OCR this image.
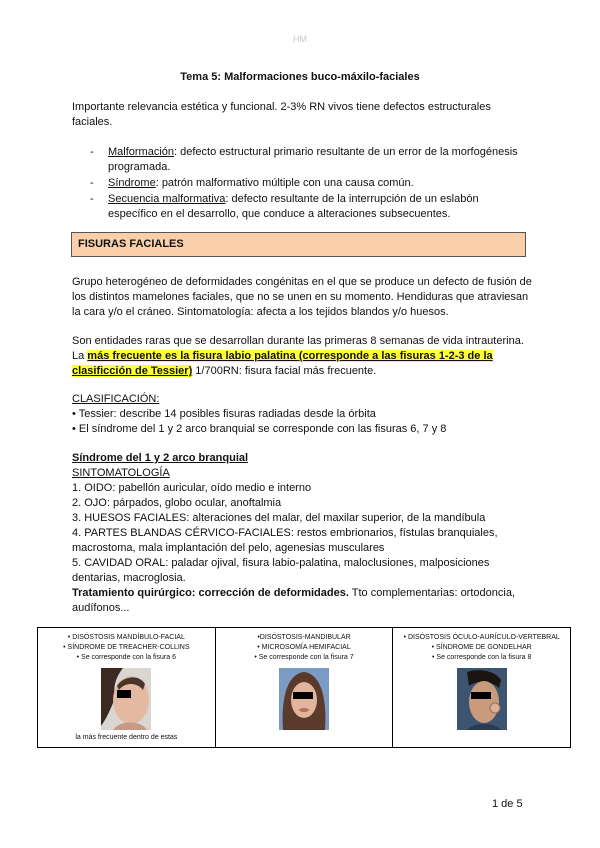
HM
Tema 5: Malformaciones buco-máxilo-faciales
Importante relevancia estética y funcional. 2-3% RN vivos tiene defectos estructurales faciales.
- Malformación: defecto estructural primario resultante de un error de la morfogénesis programada.
- Síndrome: patrón malformativo múltiple con una causa común.
- Secuencia malformativa: defecto resultante de la interrupción de un eslabón específico en el desarrollo, que conduce a alteraciones subsecuentes.
FISURAS FACIALES
Grupo heterogéneo de deformidades congénitas en el que se produce un defecto de fusión de los distintos mamelones faciales, que no se unen en su momento. Hendiduras que atraviesan la cara y/o el cráneo. Sintomatología: afecta a los tejidos blandos y/o huesos.
Son entidades raras que se desarrollan durante las primeras 8 semanas de vida intrauterina. La más frecuente es la fisura labio palatina (corresponde a las fisuras 1-2-3 de la clasificción de Tessier) 1/700RN: fisura facial más frecuente.
CLASIFICACIÓN:
• Tessier: describe 14 posibles fisuras radiadas desde la órbita
• El síndrome del 1 y 2 arco branquial se corresponde con las fisuras 6, 7 y 8
Síndrome del 1 y 2 arco branquial
SINTOMATOLOGÍA
1. OIDO: pabellón auricular, oído medio e interno
2. OJO: párpados, globo ocular, anoftalmia
3. HUESOS FACIALES: alteraciones del malar, del maxilar superior, de la mandíbula
4. PARTES BLANDAS CÉRVICO-FACIALES: restos embrionarios, fístulas branquiales, macrostoma, mala implantación del pelo, agenesias musculares
5. CAVIDAD ORAL: paladar ojival, fisura labio-palatina, maloclusiones, malposiciones dentarias, macroglosia.
Tratamiento quirúrgico: corrección de deformidades. Tto complementarias: ortodoncia, audífonos...
• DISÓSTOSIS MANDÍBULO-FACIAL
• SÍNDROME DE TREACHER-COLLINS
• Se corresponde con la fisura 6
la más frecuente dentro de estas
•DISÓSTOSIS-MANDIBULAR
• MICROSOMÍA HEMIFACIAL
• Se corresponde con la fisura 7
• DISÓSTOSIS ÓCULO-AURÍCULO-VERTEBRAL
• SÍNDROME DE GONDELHAR
• Se corresponde con la fisura 8
1 de 5
